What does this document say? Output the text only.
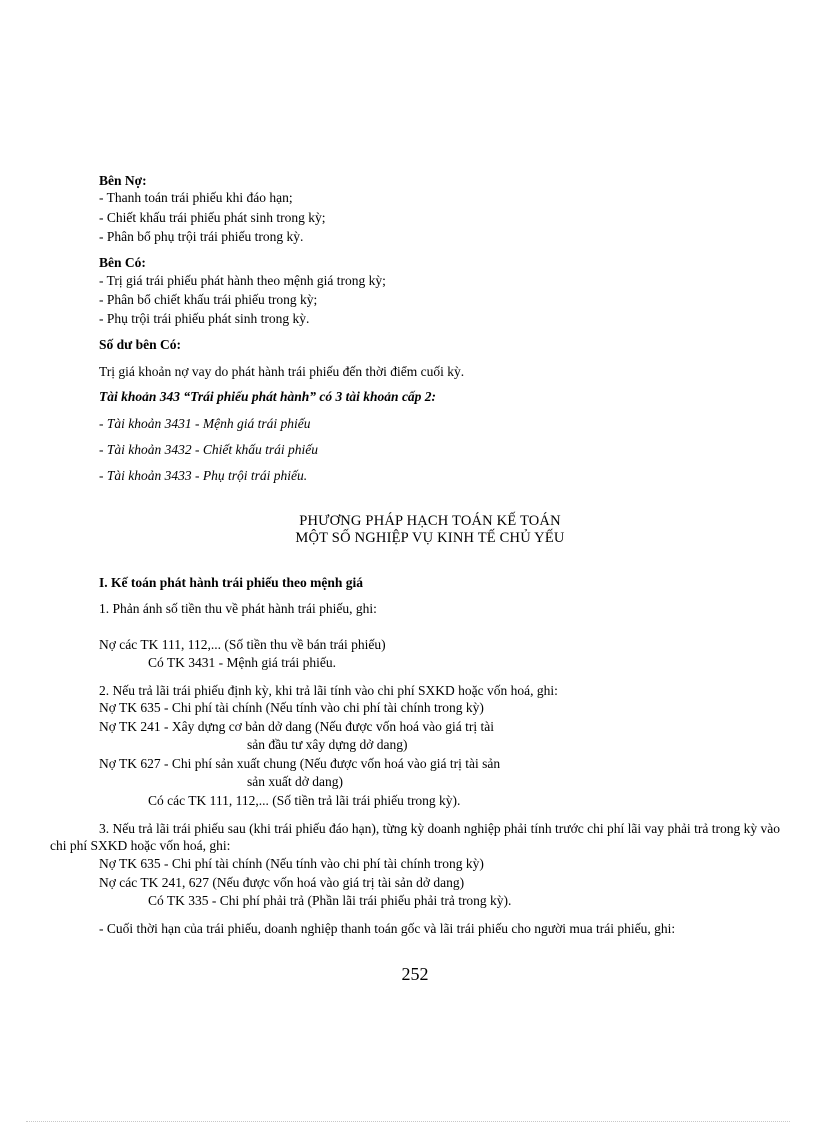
Bên Nợ:
- Thanh toán trái phiếu khi đáo hạn;
- Chiết khấu trái phiếu phát sinh trong kỳ;
- Phân bổ phụ trội trái phiếu trong kỳ.
Bên Có:
- Trị giá trái phiếu phát hành theo mệnh giá trong kỳ;
- Phân bổ chiết khấu trái phiếu trong kỳ;
- Phụ trội trái phiếu phát sinh trong kỳ.
Số dư bên Có:
Trị giá khoản nợ vay do phát hành trái phiếu đến thời điểm cuối kỳ.
Tài khoản 343 “Trái phiếu phát hành” có 3 tài khoản cấp 2:
- Tài khoản 3431 - Mệnh giá trái phiếu
- Tài khoản 3432 - Chiết khấu trái phiếu
- Tài khoản 3433 - Phụ trội trái phiếu.
PHƯƠNG PHÁP HẠCH TOÁN KẾ TOÁN
MỘT SỐ NGHIỆP VỤ KINH TẾ CHỦ YẾU
I. Kế toán phát hành trái phiếu theo mệnh giá
1. Phản ánh số tiền thu về phát hành trái phiếu, ghi:
Nợ các TK 111, 112,... (Số tiền thu về bán trái phiếu)
Có TK 3431 - Mệnh giá trái phiếu.
2. Nếu trả lãi trái phiếu định kỳ, khi trả lãi tính vào chi phí SXKD hoặc vốn hoá, ghi:
Nợ TK 635 - Chi phí tài chính (Nếu tính vào chi phí tài chính trong kỳ)
Nợ TK 241 - Xây dựng cơ bản dở dang (Nếu được vốn hoá vào giá trị tài
sản đầu tư xây dựng dở dang)
Nợ TK 627 - Chi phí sản xuất chung (Nếu được vốn hoá vào giá trị tài sản
sản xuất dở dang)
Có các TK 111, 112,... (Số tiền trả lãi trái phiếu trong kỳ).
3. Nếu trả lãi trái phiếu sau (khi trái phiếu đáo hạn), từng kỳ doanh nghiệp phải tính trước chi phí lãi vay phải trả trong kỳ vào chi phí SXKD hoặc vốn hoá, ghi:
Nợ TK 635 - Chi phí tài chính (Nếu tính vào chi phí tài chính trong kỳ)
Nợ các TK 241, 627 (Nếu được vốn hoá vào giá trị tài sản dở dang)
Có TK 335 - Chi phí phải trả (Phần lãi trái phiếu phải trả trong kỳ).
- Cuối thời hạn của trái phiếu, doanh nghiệp thanh toán gốc và lãi trái phiếu cho người mua trái phiếu, ghi:
252
